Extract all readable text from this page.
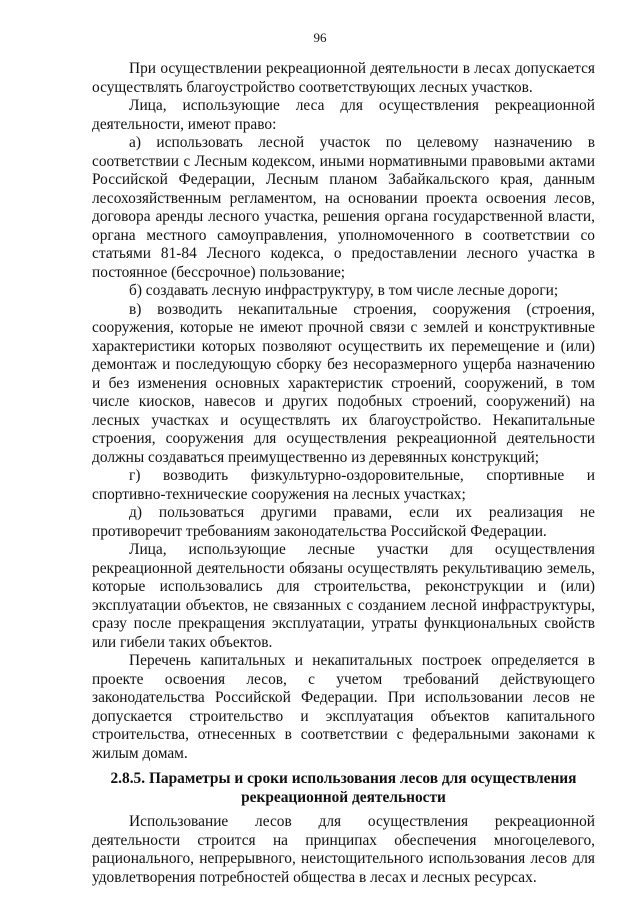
96

При осуществлении рекреационной деятельности в лесах допускается осуществлять благоустройство соответствующих лесных участков.

Лица, использующие леса для осуществления рекреационной деятельности, имеют право:

а) использовать лесной участок по целевому назначению в соответствии с Лесным кодексом, иными нормативными правовыми актами Российской Федерации, Лесным планом Забайкальского края, данным лесохозяйственным регламентом, на основании проекта освоения лесов, договора аренды лесного участка, решения органа государственной власти, органа местного самоуправления, уполномоченного в соответствии со статьями 81-84 Лесного кодекса, о предоставлении лесного участка в постоянное (бессрочное) пользование;

б) создавать лесную инфраструктуру, в том числе лесные дороги;

в) возводить некапитальные строения, сооружения (строения, сооружения, которые не имеют прочной связи с землей и конструктивные характеристики которых позволяют осуществить их перемещение и (или) демонтаж и последующую сборку без несоразмерного ущерба назначению и без изменения основных характеристик строений, сооружений, в том числе киосков, навесов и других подобных строений, сооружений) на лесных участках и осуществлять их благоустройство. Некапитальные строения, сооружения для осуществления рекреационной деятельности должны создаваться преимущественно из деревянных конструкций;

г) возводить физкультурно-оздоровительные, спортивные и спортивно-технические сооружения на лесных участках;

д) пользоваться другими правами, если их реализация не противоречит требованиям законодательства Российской Федерации.

Лица, использующие лесные участки для осуществления рекреационной деятельности обязаны осуществлять рекультивацию земель, которые использовались для строительства, реконструкции и (или) эксплуатации объектов, не связанных с созданием лесной инфраструктуры, сразу после прекращения эксплуатации, утраты функциональных свойств или гибели таких объектов.

Перечень капитальных и некапитальных построек определяется в проекте освоения лесов, с учетом требований действующего законодательства Российской Федерации. При использовании лесов не допускается строительство и эксплуатация объектов капитального строительства, отнесенных в соответствии с федеральными законами к жилым домам.

2.8.5. Параметры и сроки использования лесов для осуществления рекреационной деятельности

Использование лесов для осуществления рекреационной деятельности строится на принципах обеспечения многоцелевого, рационального, непрерывного, неистощительного использования лесов для удовлетворения потребностей общества в лесах и лесных ресурсах.
